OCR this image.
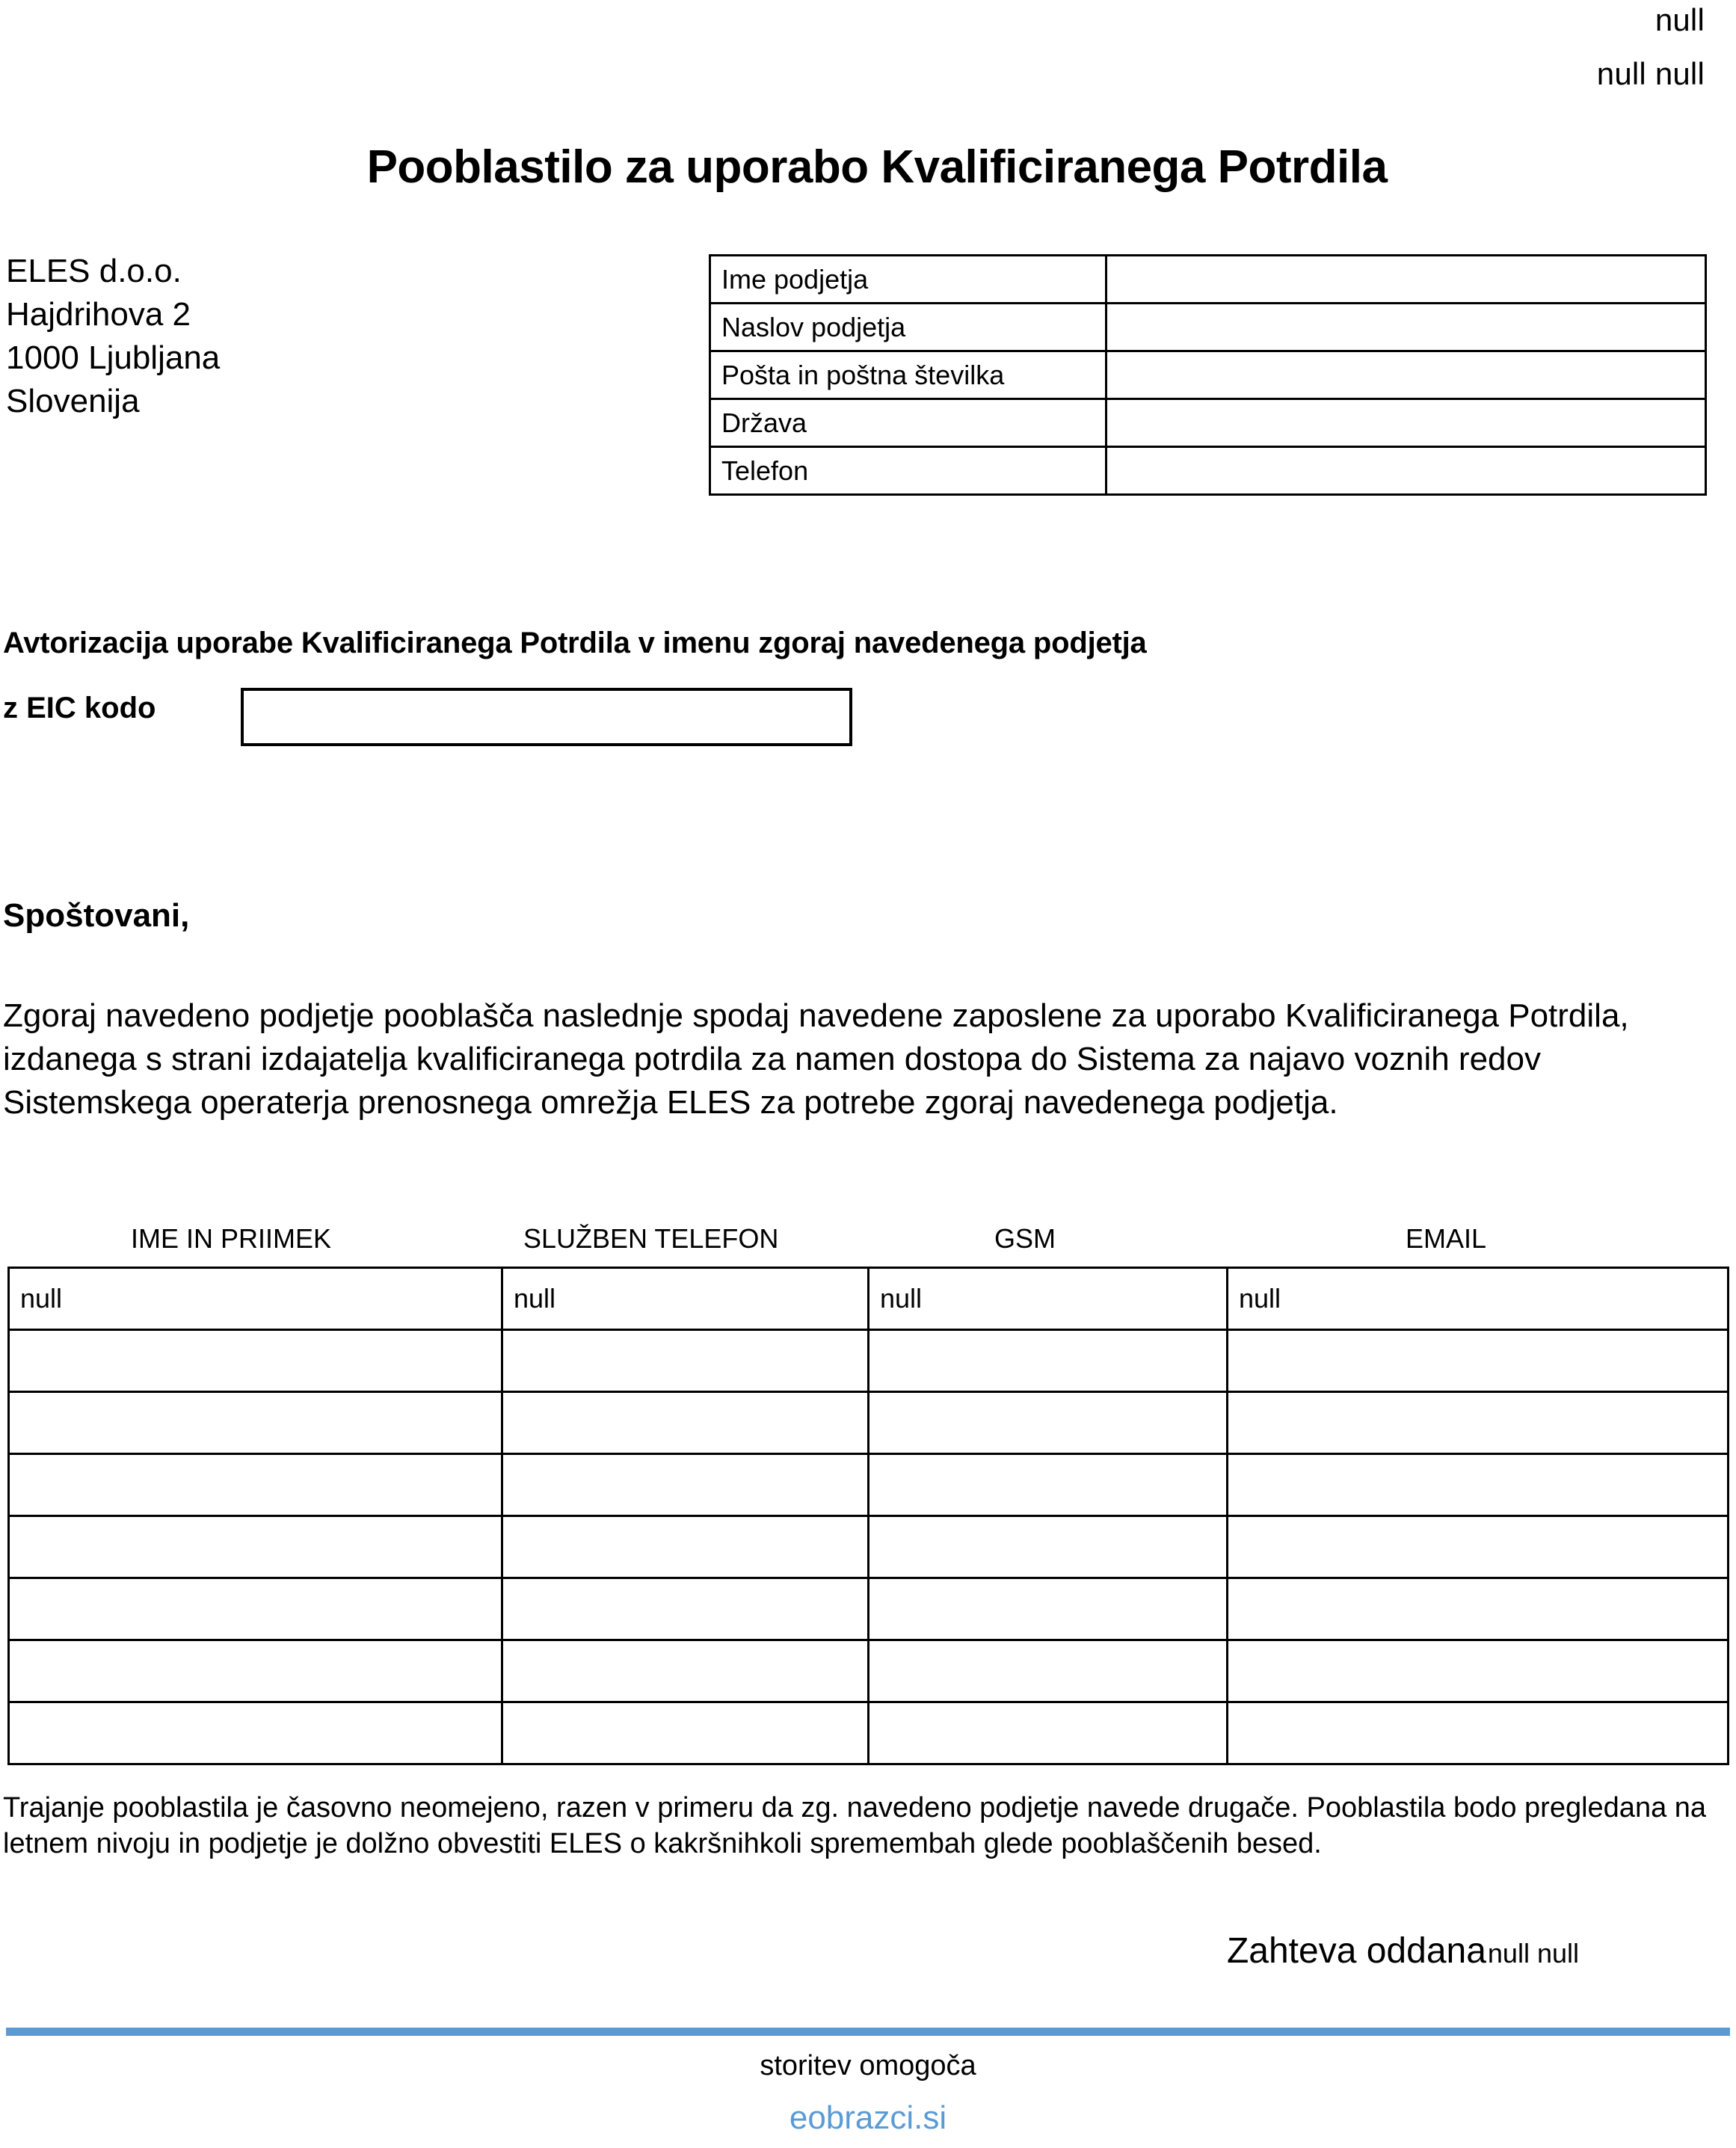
null
null null
Pooblastilo za uporabo Kvalificiranega Potrdila
ELES d.o.o.
Hajdrihova 2
1000 Ljubljana
Slovenija
Ime podjetja	
Naslov podjetja	
Pošta in poštna številka	
Država	
Telefon	
Avtorizacija uporabe Kvalificiranega Potrdila v imenu zgoraj navedenega podjetja
z EIC kodo
Spoštovani,
Zgoraj navedeno podjetje pooblašča naslednje spodaj navedene zaposlene za uporabo Kvalificiranega Potrdila, izdanega s strani izdajatelja kvalificiranega potrdila za namen dostopa do Sistema za najavo voznih redov Sistemskega operaterja prenosnega omrežja ELES za potrebe zgoraj navedenega podjetja.
IME IN PRIIMEK	SLUŽBEN TELEFON	GSM	EMAIL
null	null	null	null

Trajanje pooblastila je časovno neomejeno, razen v primeru da zg. navedeno podjetje navede drugače. Pooblastila bodo pregledana na letnem nivoju in podjetje je dolžno obvestiti ELES o kakršnihkoli spremembah glede pooblaščenih besed.
Zahteva oddananull null
storitev omogoča
eobrazci.si
